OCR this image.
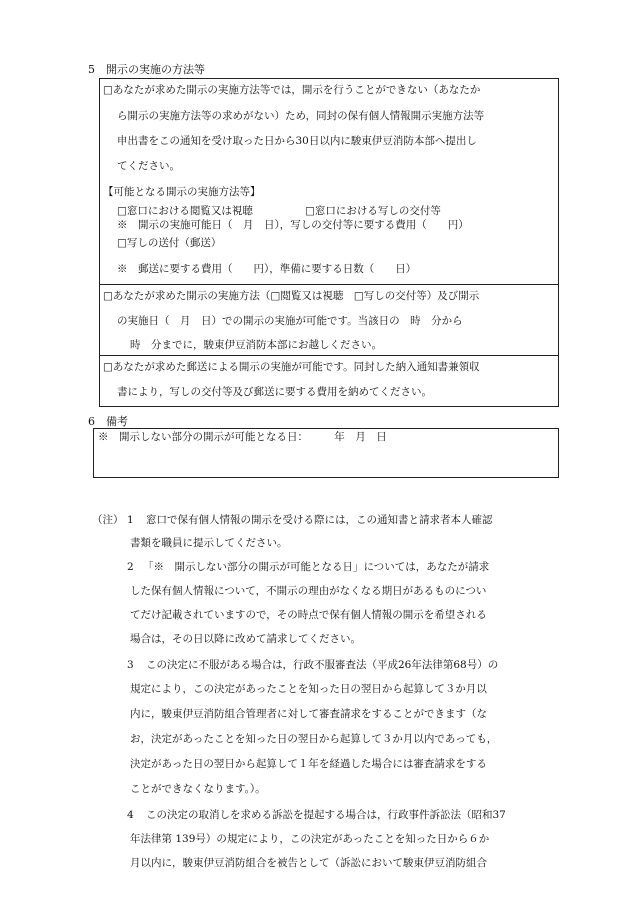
5　開示の実施の方法等
□あなたが求めた開示の実施方法等では，開示を行うことができない（あなたか
ら開示の実施方法等の求めがない）ため，同封の保有個人情報開示実施方法等
申出書をこの通知を受け取った日から30日以内に駿東伊豆消防本部へ提出し
てください。
【可能となる開示の実施方法等】
□窓口における閲覧又は視聴	□窓口における写しの交付等
※　開示の実施可能日（　月　日），写しの交付等に要する費用（　　円）
□写しの送付（郵送）
※　郵送に要する費用（　　円），準備に要する日数（　　日）
□あなたが求めた開示の実施方法（□閲覧又は視聴　□写しの交付等）及び開示
の実施日（　月　日）での開示の実施が可能です。当該日の　時　分から
時　分までに，駿東伊豆消防本部にお越しください。
□あなたが求めた郵送による開示の実施が可能です。同封した納入通知書兼領収
書により，写しの交付等及び郵送に要する費用を納めてください。
6　備考
※　開示しない部分の開示が可能となる日：　　　年　月　日
（注） 1 窓口で保有個人情報の開示を受ける際には，この通知書と請求者本人確認
書類を職員に提示してください。
2 「※　開示しない部分の開示が可能となる日」については，あなたが請求
した保有個人情報について，不開示の理由がなくなる期日があるものについ
てだけ記載されていますので，その時点で保有個人情報の開示を希望される
場合は，その日以降に改めて請求してください。
3 この決定に不服がある場合は，行政不服審査法（平成26年法律第68号）の
規定により，この決定があったことを知った日の翌日から起算して３か月以
内に，駿東伊豆消防組合管理者に対して審査請求をすることができます（な
お，決定があったことを知った日の翌日から起算して３か月以内であっても，
決定があった日の翌日から起算して１年を経過した場合には審査請求をする
ことができなくなります。）。
4 この決定の取消しを求める訴訟を提起する場合は，行政事件訴訟法（昭和37
年法律第 139号）の規定により，この決定があったことを知った日から６か
月以内に，駿東伊豆消防組合を被告として（訴訟において駿東伊豆消防組合
